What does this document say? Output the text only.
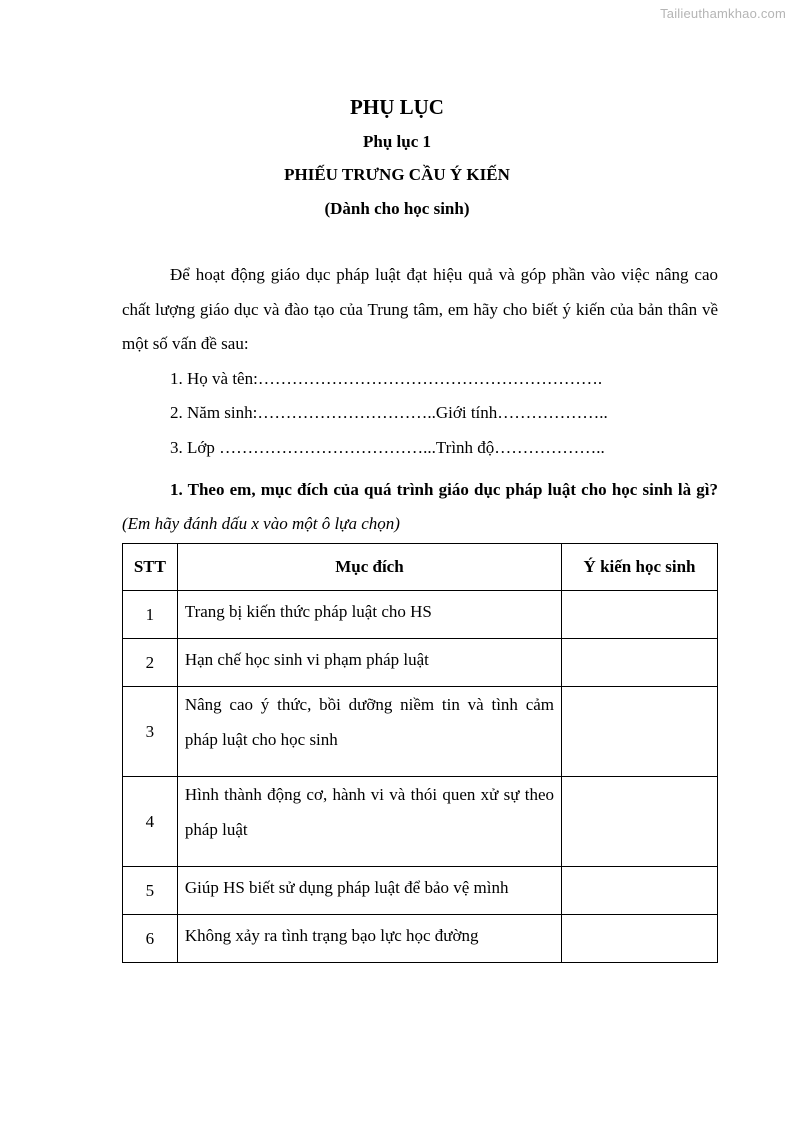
Tailieuthamkhao.com
PHỤ LỤC
Phụ lục 1
PHIẾU TRƯNG CẦU Ý KIẾN
(Dành cho học sinh)

Để hoạt động giáo dục pháp luật đạt hiệu quả và góp phần vào việc nâng cao chất lượng giáo dục và đào tạo của Trung tâm, em hãy cho biết ý kiến của bản thân về một số vấn đề sau:

1. Họ và tên:…………………………………………………….
2. Năm sinh:…………………………..Giới tính………………..
3. Lớp ………………………………...Trình độ………………..

1. Theo em, mục đích của quá trình giáo dục pháp luật cho học sinh là gì? (Em hãy đánh dấu x vào một ô lựa chọn)

STT	Mục đích	Ý kiến học sinh
1	Trang bị kiến thức pháp luật cho HS	
2	Hạn chế học sinh vi phạm pháp luật	
3	Nâng cao ý thức, bồi dưỡng niềm tin và tình cảm pháp luật cho học sinh	
4	Hình thành động cơ, hành vi và thói quen xử sự theo pháp luật	
5	Giúp HS biết sử dụng pháp luật để bảo vệ mình	
6	Không xảy ra tình trạng bạo lực học đường	
